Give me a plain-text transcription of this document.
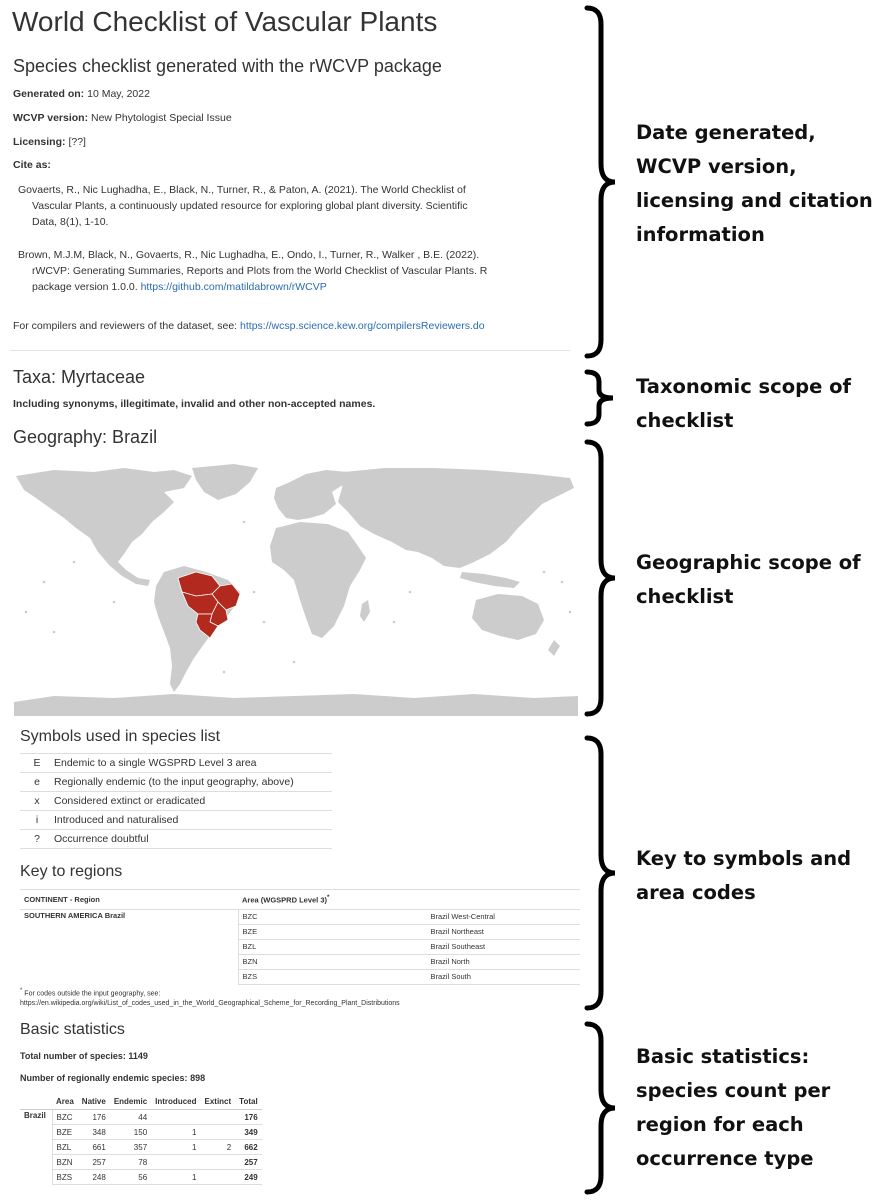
World Checklist of Vascular Plants
Species checklist generated with the rWCVP package
Generated on: 10 May, 2022
WCVP version: New Phytologist Special Issue
Licensing: [??]
Cite as:
Govaerts, R., Nic Lughadha, E., Black, N., Turner, R., & Paton, A. (2021). The World Checklist of
Vascular Plants, a continuously updated resource for exploring global plant diversity. Scientific
Data, 8(1), 1-10.
Brown, M.J.M, Black, N., Govaerts, R., Nic Lughadha, E., Ondo, I., Turner, R., Walker , B.E. (2022).
rWCVP: Generating Summaries, Reports and Plots from the World Checklist of Vascular Plants. R
package version 1.0.0. https://github.com/matildabrown/rWCVP
For compilers and reviewers of the dataset, see: https://wcsp.science.kew.org/compilersReviewers.do
Taxa: Myrtaceae
Including synonyms, illegitimate, invalid and other non-accepted names.
Geography: Brazil
Symbols used in species list
E	Endemic to a single WGSPRD Level 3 area
e	Regionally endemic (to the input geography, above)
x	Considered extinct or eradicated
i	Introduced and naturalised
?	Occurrence doubtful
Key to regions
CONTINENT - Region	Area (WGSPRD Level 3)*
SOUTHERN AMERICA Brazil	BZC	Brazil West-Central
	BZE	Brazil Northeast
	BZL	Brazil Southeast
	BZN	Brazil North
	BZS	Brazil South
* For codes outside the input geography, see:
https://en.wikipedia.org/wiki/List_of_codes_used_in_the_World_Geographical_Scheme_for_Recording_Plant_Distributions
Basic statistics
Total number of species: 1149
Number of regionally endemic species: 898
	Area	Native	Endemic	Introduced	Extinct	Total
Brazil	BZC	176	44			176
	BZE	348	150	1		349
	BZL	661	357	1	2	662
	BZN	257	78			257
	BZS	248	56	1		249
Date generated,
WCVP version,
licensing and citation
information
Taxonomic scope of
checklist
Geographic scope of
checklist
Key to symbols and
area codes
Basic statistics:
species count per
region for each
occurrence type
